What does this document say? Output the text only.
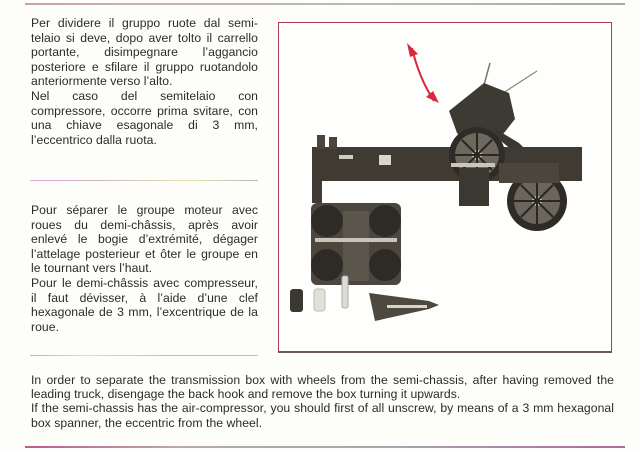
Per dividere il gruppo ruote dal semi-telaio si deve, dopo aver tolto il carrello portante, disimpegnare l’aggancio posteriore e sfilare il gruppo ruotandolo anteriormente verso l’alto.

Nel caso del semitelaio con compressore, occorre prima svitare, con una chiave esagonale di 3 mm, l’eccentrico dalla ruota.

Pour séparer le groupe moteur avec roues du demi-châssis, après avoir enlevé le bogie d’extrémité, dégager l’attelage posterieur et ôter le groupe en le tournant vers l’haut.

Pour le demi-châssis avec compresseur, il faut dévisser, à l’aide d’une clef hexagonale de 3 mm, l’excentrique de la roue.

In order to separate the transmission box with wheels from the semi-chassis, after having removed the leading truck, disengage the back hook and remove the box turning it upwards.

If the semi-chassis has the air-compressor, you should first of all unscrew, by means of a 3 mm hexagonal box spanner, the eccentric from the wheel.
